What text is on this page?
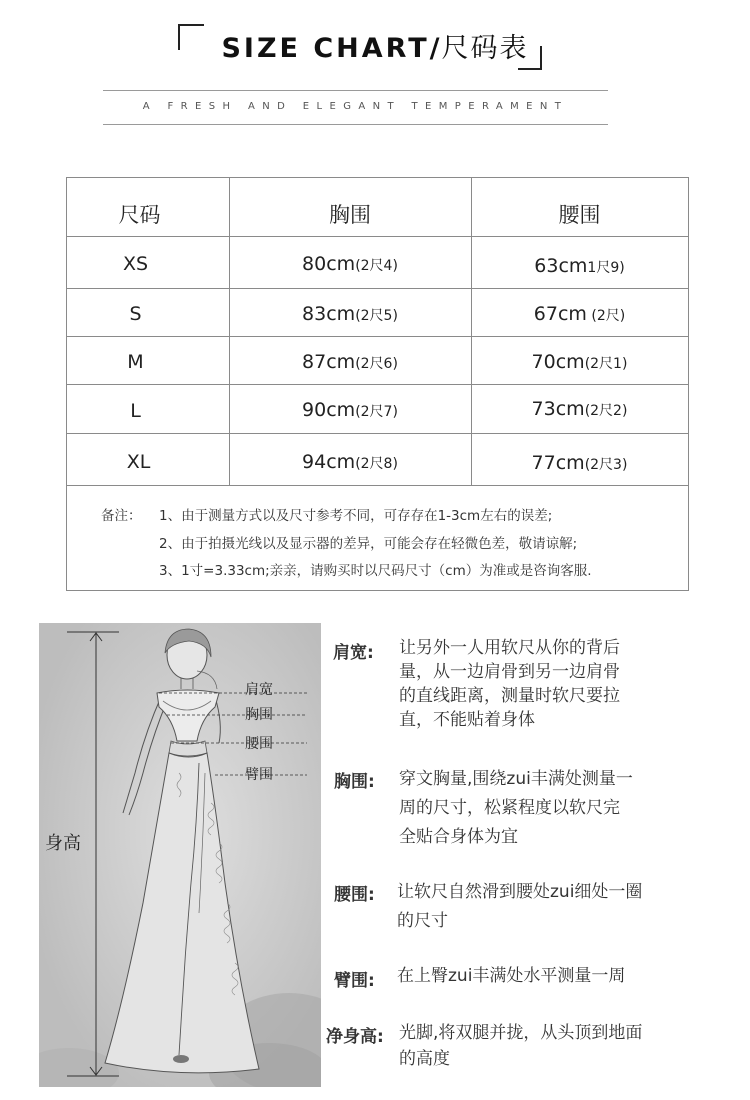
SIZE CHART/尺码表
A FRESH AND ELEGANT TEMPERAMENT
尺码	胸围	腰围
XS	80cm(2尺4)	63cm1尺9)
S	83cm(2尺5)	67cm (2尺)
M	87cm(2尺6)	70cm(2尺1)
L	90cm(2尺7)	73cm(2尺2)
XL	94cm(2尺8)	77cm(2尺3)
备注： 1、由于测量方式以及尺寸参考不同，可存存在1-3cm左右的误差;
2、由于拍摄光线以及显示器的差异，可能会存在轻微色差，敬请谅解;
3、1寸=3.33cm;亲亲，请购买时以尺码尺寸（cm）为准或是咨询客服.
肩宽
胸围
腰围
臂围
身高
肩宽: 让另外一人用软尺从你的背后
量，从一边肩骨到另一边肩骨
的直线距离，测量时软尺要拉
直，不能贴着身体
胸围: 穿文胸量,围绕zui丰满处测量一
周的尺寸，松紧程度以软尺完
全贴合身体为宜
腰围: 让软尺自然滑到腰处zui细处一圈
的尺寸
臂围: 在上臀zui丰满处水平测量一周
净身高: 光脚,将双腿并拢，从头顶到地面
的高度
